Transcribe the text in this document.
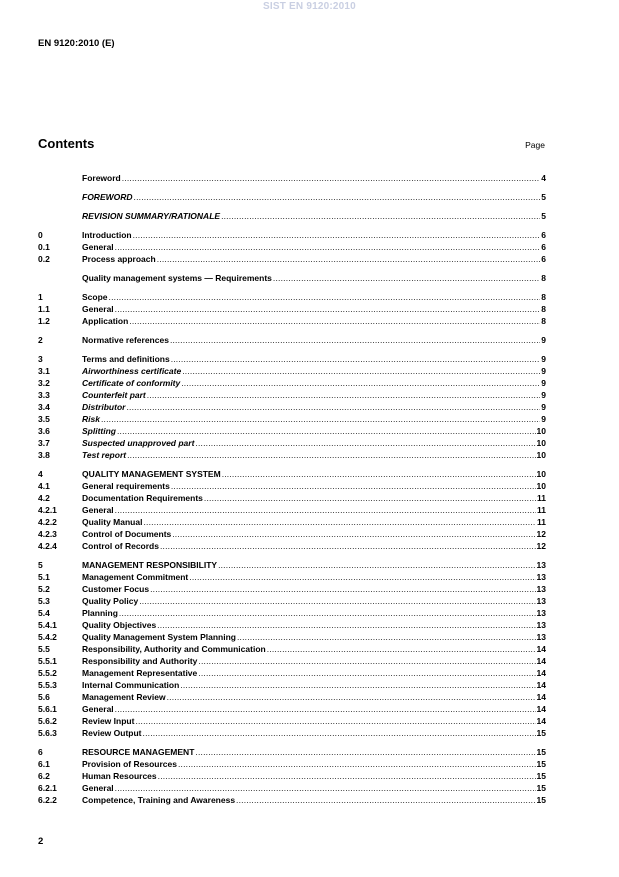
SIST EN 9120:2010
EN 9120:2010 (E)
Contents	Page
Foreword .....	4
FOREWORD .....	5
REVISION SUMMARY/RATIONALE .....	5
0	Introduction .....	6
0.1	General .....	6
0.2	Process approach .....	6
Quality management systems — Requirements .....	8
1	Scope .....	8
1.1	General .....	8
1.2	Application .....	8
2	Normative references .....	9
3	Terms and definitions .....	9
3.1	Airworthiness certificate .....	9
3.2	Certificate of conformity .....	9
3.3	Counterfeit part .....	9
3.4	Distributor .....	9
3.5	Risk .....	9
3.6	Splitting .....	10
3.7	Suspected unapproved part .....	10
3.8	Test report .....	10
4	QUALITY MANAGEMENT SYSTEM .....	10
4.1	General requirements .....	10
4.2	Documentation Requirements .....	11
4.2.1	General .....	11
4.2.2	Quality Manual .....	11
4.2.3	Control of Documents .....	12
4.2.4	Control of Records .....	12
5	MANAGEMENT RESPONSIBILITY .....	13
5.1	Management Commitment .....	13
5.2	Customer Focus .....	13
5.3	Quality Policy .....	13
5.4	Planning .....	13
5.4.1	Quality Objectives .....	13
5.4.2	Quality Management System Planning .....	13
5.5	Responsibility, Authority and Communication .....	14
5.5.1	Responsibility and Authority .....	14
5.5.2	Management Representative .....	14
5.5.3	Internal Communication .....	14
5.6	Management Review .....	14
5.6.1	General .....	14
5.6.2	Review Input .....	14
5.6.3	Review Output .....	15
6	RESOURCE MANAGEMENT .....	15
6.1	Provision of Resources .....	15
6.2	Human Resources .....	15
6.2.1	General .....	15
6.2.2	Competence, Training and Awareness .....	15
2
